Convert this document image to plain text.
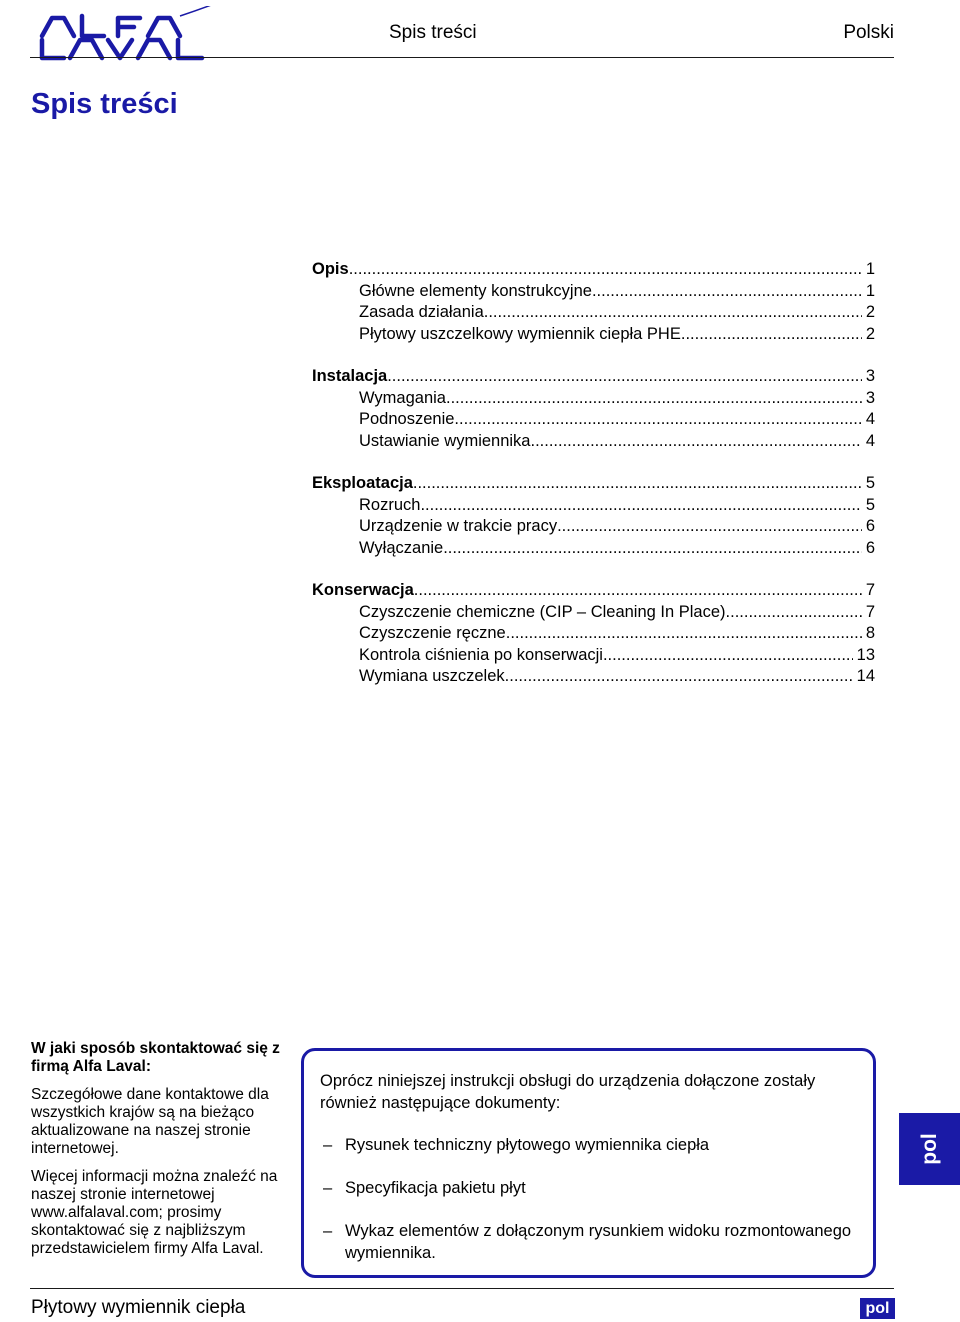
Spis treści	Polski
Spis treści
Opis .....	1
Główne elementy konstrukcyjne .....	1
Zasada działania .....	2
Płytowy uszczelkowy wymiennik ciepła PHE .....	2
Instalacja .....	3
Wymagania .....	3
Podnoszenie .....	4
Ustawianie wymiennika .....	4
Eksploatacja .....	5
Rozruch .....	5
Urządzenie w trakcie pracy .....	6
Wyłączanie .....	6
Konserwacja .....	7
Czyszczenie chemiczne (CIP – Cleaning In Place) .....	7
Czyszczenie ręczne .....	8
Kontrola ciśnienia po konserwacji .....	13
Wymiana uszczelek .....	14
W jaki sposób skontaktować się z firmą Alfa Laval:

Szczegółowe dane kontaktowe dla wszystkich krajów są na bieżąco aktualizowane na naszej stronie internetowej.

Więcej informacji można znaleźć na naszej stronie internetowej www.alfalaval.com; prosimy skontaktować się z najbliższym przedstawicielem firmy Alfa Laval.

Oprócz niniejszej instrukcji obsługi do urządzenia dołączone zostały również następujące dokumenty:

– Rysunek techniczny płytowego wymiennika ciepła
– Specyfikacja pakietu płyt
– Wykaz elementów z dołączonym rysunkiem widoku rozmontowanego wymiennika.
pol
Płytowy wymiennik ciepła	pol
